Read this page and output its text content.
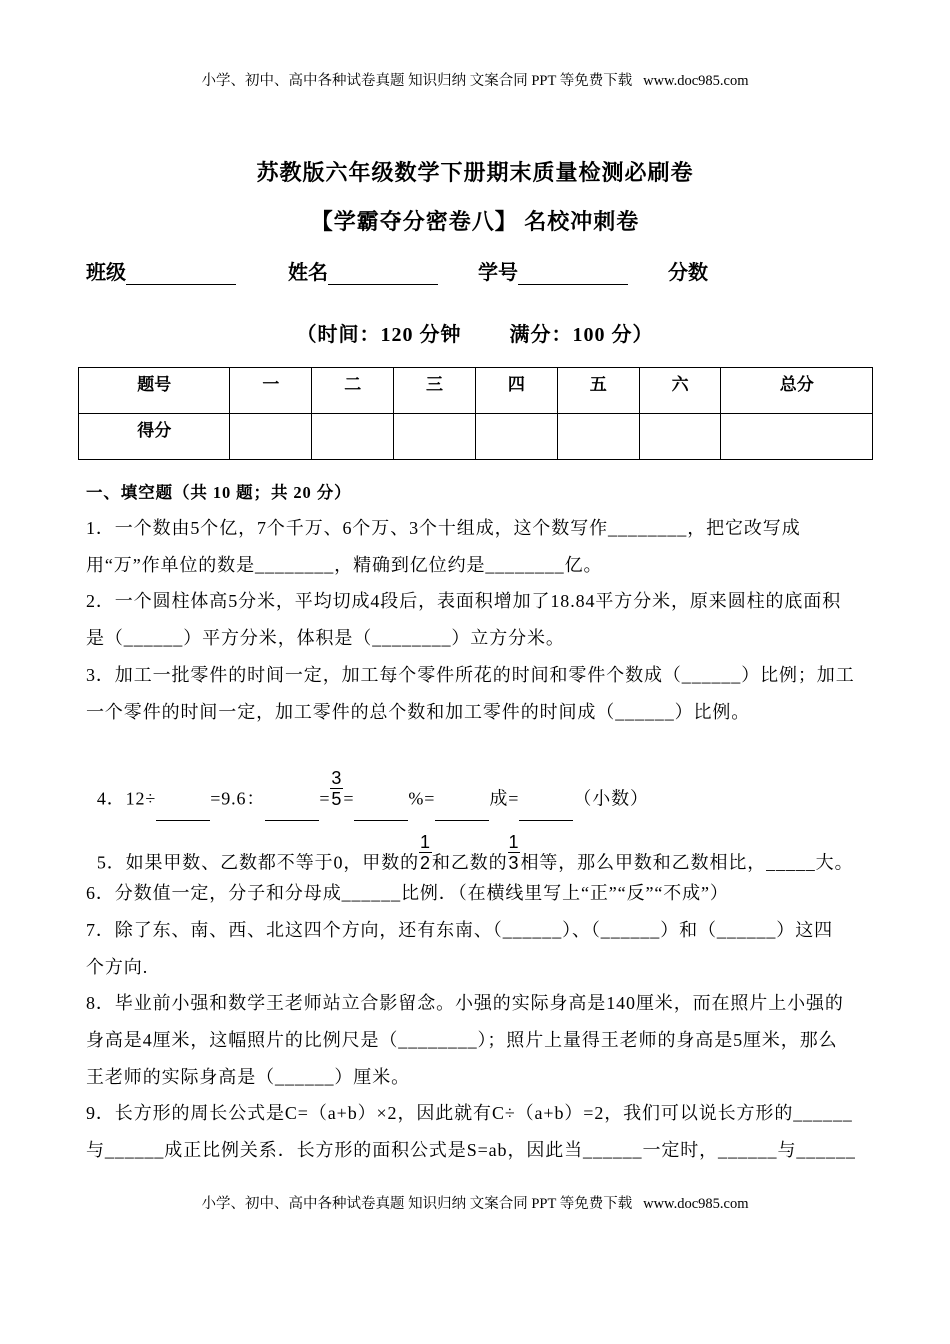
小学、初中、高中各种试卷真题 知识归纳 文案合同 PPT 等免费下载   www.doc985.com
苏教版六年级数学下册期末质量检测必刷卷
【学霸夺分密卷八】 名校冲刺卷
班级	姓名	学号	分数
（时间：120 分钟        满分：100 分）
题号	一	二	三	四	五	六	总分
得分							
一、填空题（共 10 题；共 20 分）
1．一个数由5个亿，7个千万、6个万、3个十组成，这个数写作________，把它改写成
用“万”作单位的数是________，精确到亿位约是________亿。
2．一个圆柱体高5分米，平均切成4段后，表面积增加了18.84平方分米，原来圆柱的底面积
是（______）平方分米，体积是（________）立方分米。
3．加工一批零件的时间一定，加工每个零件所花的时间和零件个数成（______）比例；加工
一个零件的时间一定，加工零件的总个数和加工零件的时间成（______）比例。

4．12÷	=9.6：	= $\frac{3}{5}$ =	%=	成=	（小数）

5．如果甲数、乙数都不等于0，甲数的 $\frac{1}{2}$ 和乙数的 $\frac{1}{3}$ 相等，那么甲数和乙数相比，_____大。

6．分数值一定，分子和分母成______比例．（在横线里写上“正”“反”“不成”）
7．除了东、南、西、北这四个方向，还有东南、（______）、（______）和（______）这四
个方向.
8．毕业前小强和数学王老师站立合影留念。小强的实际身高是140厘米，而在照片上小强的
身高是4厘米，这幅照片的比例尺是（________）；照片上量得王老师的身高是5厘米，那么
王老师的实际身高是（______）厘米。
9．长方形的周长公式是C=（a+b）×2，因此就有C÷（a+b）=2，我们可以说长方形的______
与______成正比例关系．长方形的面积公式是S=ab，因此当______一定时，______与______
小学、初中、高中各种试卷真题 知识归纳 文案合同 PPT 等免费下载   www.doc985.com
